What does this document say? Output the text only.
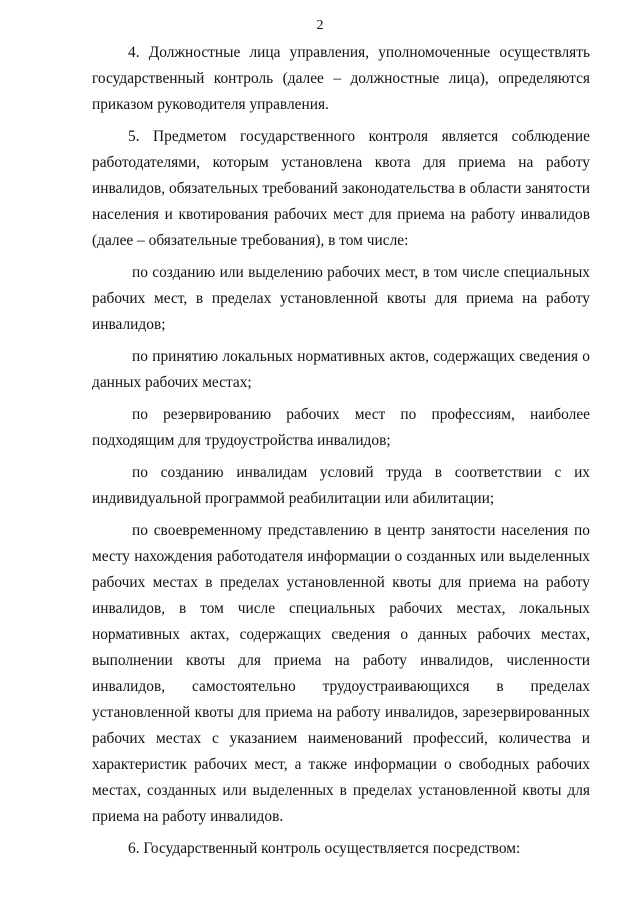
2

4. Должностные лица управления, уполномоченные осуществлять государственный контроль (далее – должностные лица), определяются приказом руководителя управления.

5. Предметом государственного контроля является соблюдение работодателями, которым установлена квота для приема на работу инвалидов, обязательных требований законодательства в области занятости населения и квотирования рабочих мест для приема на работу инвалидов (далее – обязательные требования), в том числе:

по созданию или выделению рабочих мест, в том числе специальных рабочих мест, в пределах установленной квоты для приема на работу инвалидов;

по принятию локальных нормативных актов, содержащих сведения о данных рабочих местах;

по резервированию рабочих мест по профессиям, наиболее подходящим для трудоустройства инвалидов;

по созданию инвалидам условий труда в соответствии с их индивидуальной программой реабилитации или абилитации;

по своевременному представлению в центр занятости населения по месту нахождения работодателя информации о созданных или выделенных рабочих местах в пределах установленной квоты для приема на работу инвалидов, в том числе специальных рабочих местах, локальных нормативных актах, содержащих сведения о данных рабочих местах, выполнении квоты для приема на работу инвалидов, численности инвалидов, самостоятельно трудоустраивающихся в пределах установленной квоты для приема на работу инвалидов, зарезервированных рабочих местах с указанием наименований профессий, количества и характеристик рабочих мест, а также информации о свободных рабочих местах, созданных или выделенных в пределах установленной квоты для приема на работу инвалидов.

6. Государственный контроль осуществляется посредством:
